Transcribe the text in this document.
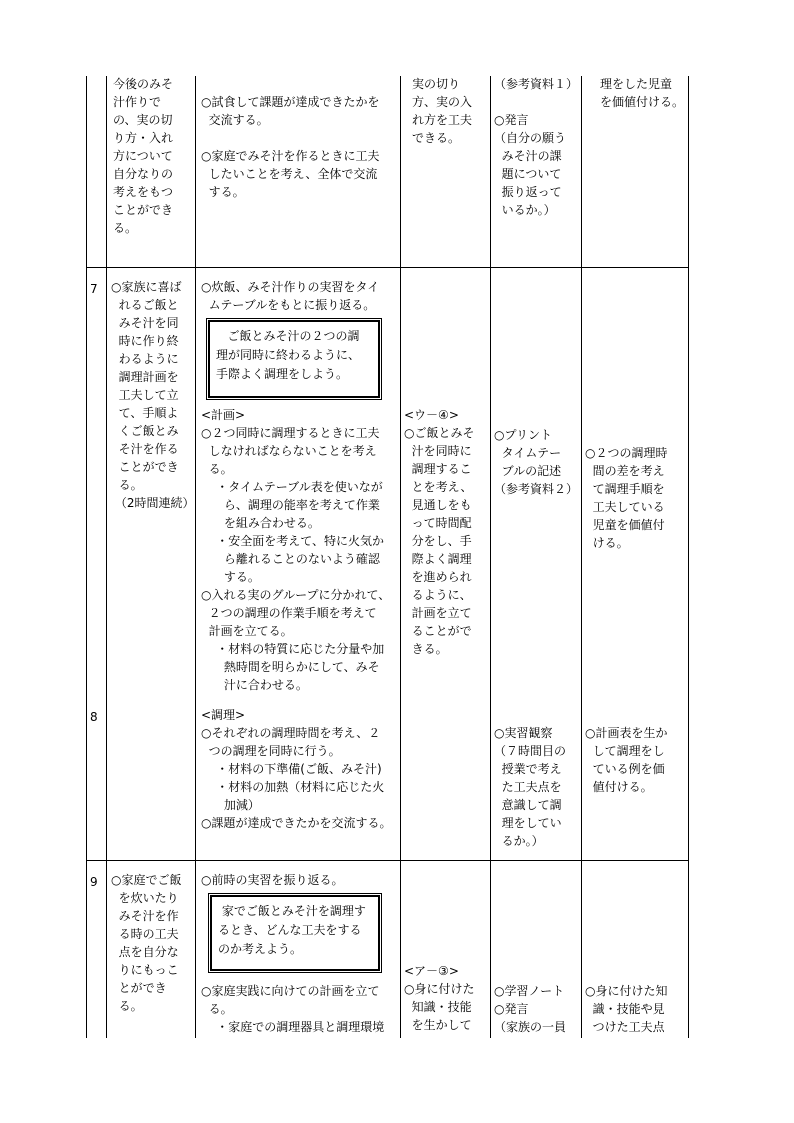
今後のみそ
汁作りで
の、実の切
り方・入れ
方について
自分なりの
考えをもつ
ことができ
る。
○試食して課題が達成できたかを
交流する。

○家庭でみそ汁を作るときに工夫
したいことを考え、全体で交流
する。
実の切り
方、実の入
れ方を工夫
できる。
（参考資料１）

○発言
（自分の願う
みそ汁の課
題について
振り返って
いるか。）
理をした児童
を価値付ける。
7
8
○家族に喜ば
れるご飯と
みそ汁を同
時に作り終
わるように
調理計画を
工夫して立
て、手順よ
くご飯とみ
そ汁を作る
ことができ
る。
（2時間連続）
○炊飯、みそ汁作りの実習をタイ
ムテーブルをもとに振り返る。
ご飯とみそ汁の２つの調
理が同時に終わるように、
手際よく調理をしよう。
<計画>
○２つ同時に調理するときに工夫
しなければならないことを考え
る。
・タイムテーブル表を使いなが
ら、調理の能率を考えて作業
を組み合わせる。
・安全面を考えて、特に火気か
ら離れることのないよう確認
する。
○入れる実のグループに分かれて、
２つの調理の作業手順を考えて
計画を立てる。
・材料の特質に応じた分量や加
熱時間を明らかにして、みそ
汁に合わせる。
<調理>
○それぞれの調理時間を考え、２
つの調理を同時に行う。
・材料の下準備(ご飯、みそ汁)
・材料の加熱（材料に応じた火
加減）
○課題が達成できたかを交流する。
<ウ－④>
○ご飯とみそ
汁を同時に
調理するこ
とを考え、
見通しをも
って時間配
分をし、手
際よく調理
を進められ
るように、
計画を立て
ることがで
きる。
○プリント
タイムテー
ブルの記述
（参考資料２）
○実習観察
（７時間目の
授業で考え
た工夫点を
意識して調
理をしてい
るか。）
○２つの調理時
間の差を考え
て調理手順を
工夫している
児童を価値付
ける。
○計画表を生か
して調理をし
ている例を価
値付ける。
9 ○家庭でご飯
を炊いたり
みそ汁を作
る時の工夫
点を自分な
りにもっこ
とができ
る。
○前時の実習を振り返る。
家でご飯とみそ汁を調理す
るとき、どんな工夫をする
のか考えよう。
○家庭実践に向けての計画を立て
る。
・家庭での調理器具と調理環境
<ア－③>
○身に付けた
知識・技能
を生かして
○学習ノート
○発言
（家族の一員
○身に付けた知
識・技能や見
つけた工夫点
